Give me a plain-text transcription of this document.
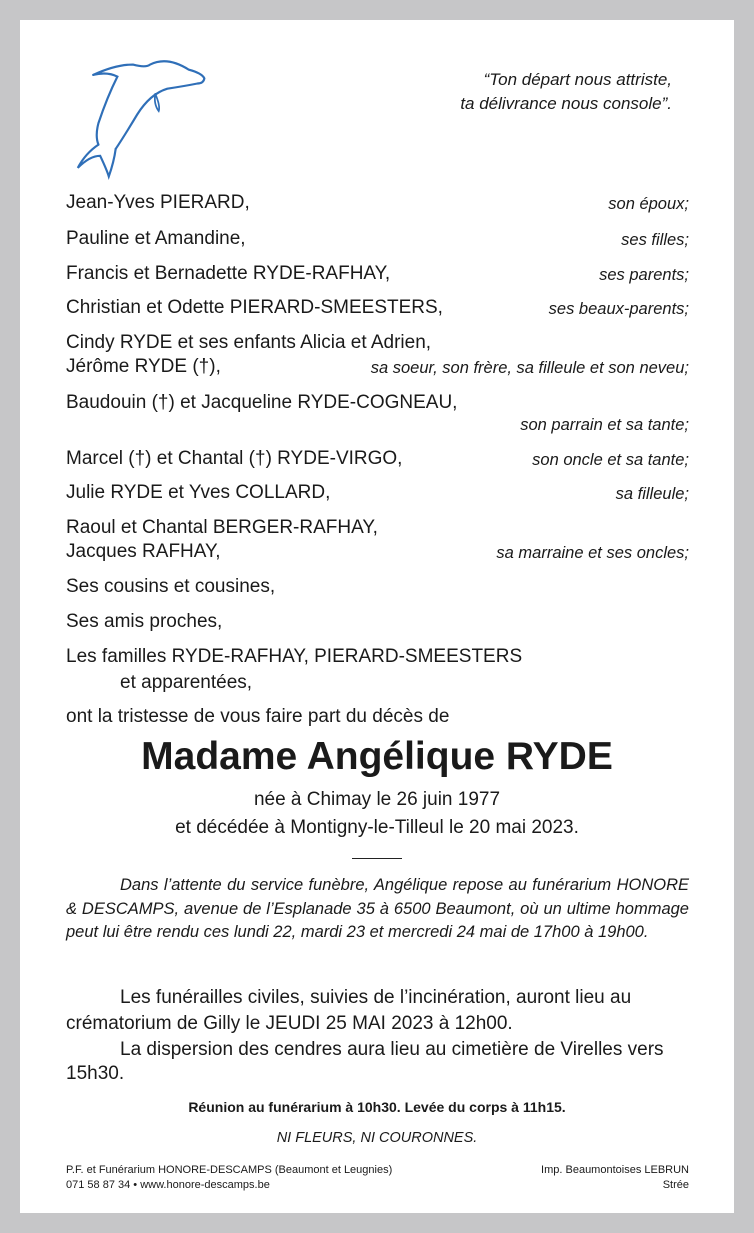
“Ton départ nous attriste,
ta délivrance nous console”.
Jean-Yves PIERARD,	son époux;
Pauline et Amandine,	ses filles;
Francis et Bernadette RYDE-RAFHAY,	ses parents;
Christian et Odette PIERARD-SMEESTERS,	ses beaux-parents;
Cindy RYDE et ses enfants Alicia et Adrien,
Jérôme RYDE (†),	sa soeur, son frère, sa filleule et son neveu;
Baudouin (†) et Jacqueline RYDE-COGNEAU,
son parrain et sa tante;
Marcel (†) et Chantal (†) RYDE-VIRGO,	son oncle et sa tante;
Julie RYDE et Yves COLLARD,	sa filleule;
Raoul et Chantal BERGER-RAFHAY,
Jacques RAFHAY,	sa marraine et ses oncles;
Ses cousins et cousines,
Ses amis proches,
Les familles RYDE-RAFHAY, PIERARD-SMEESTERS
et apparentées,
ont la tristesse de vous faire part du décès de
Madame Angélique RYDE
née à Chimay le 26 juin 1977
et décédée à Montigny-le-Tilleul le 20 mai 2023.
Dans l’attente du service funèbre, Angélique repose au funérarium HONORE & DESCAMPS, avenue de l’Esplanade 35 à 6500 Beaumont, où un ultime hommage peut lui être rendu ces lundi 22, mardi 23 et mercredi 24 mai de 17h00 à 19h00.
Les funérailles civiles, suivies de l’incinération, auront lieu au crématorium de Gilly le JEUDI 25 MAI 2023 à 12h00.
La dispersion des cendres aura lieu au cimetière de Virelles vers 15h30.
Réunion au funérarium à 10h30. Levée du corps à 11h15.
NI FLEURS, NI COURONNES.
P.F. et Funérarium HONORE-DESCAMPS (Beaumont et Leugnies)
071 58 87 34 • www.honore-descamps.be
Imp. Beaumontoises LEBRUN
Strée
